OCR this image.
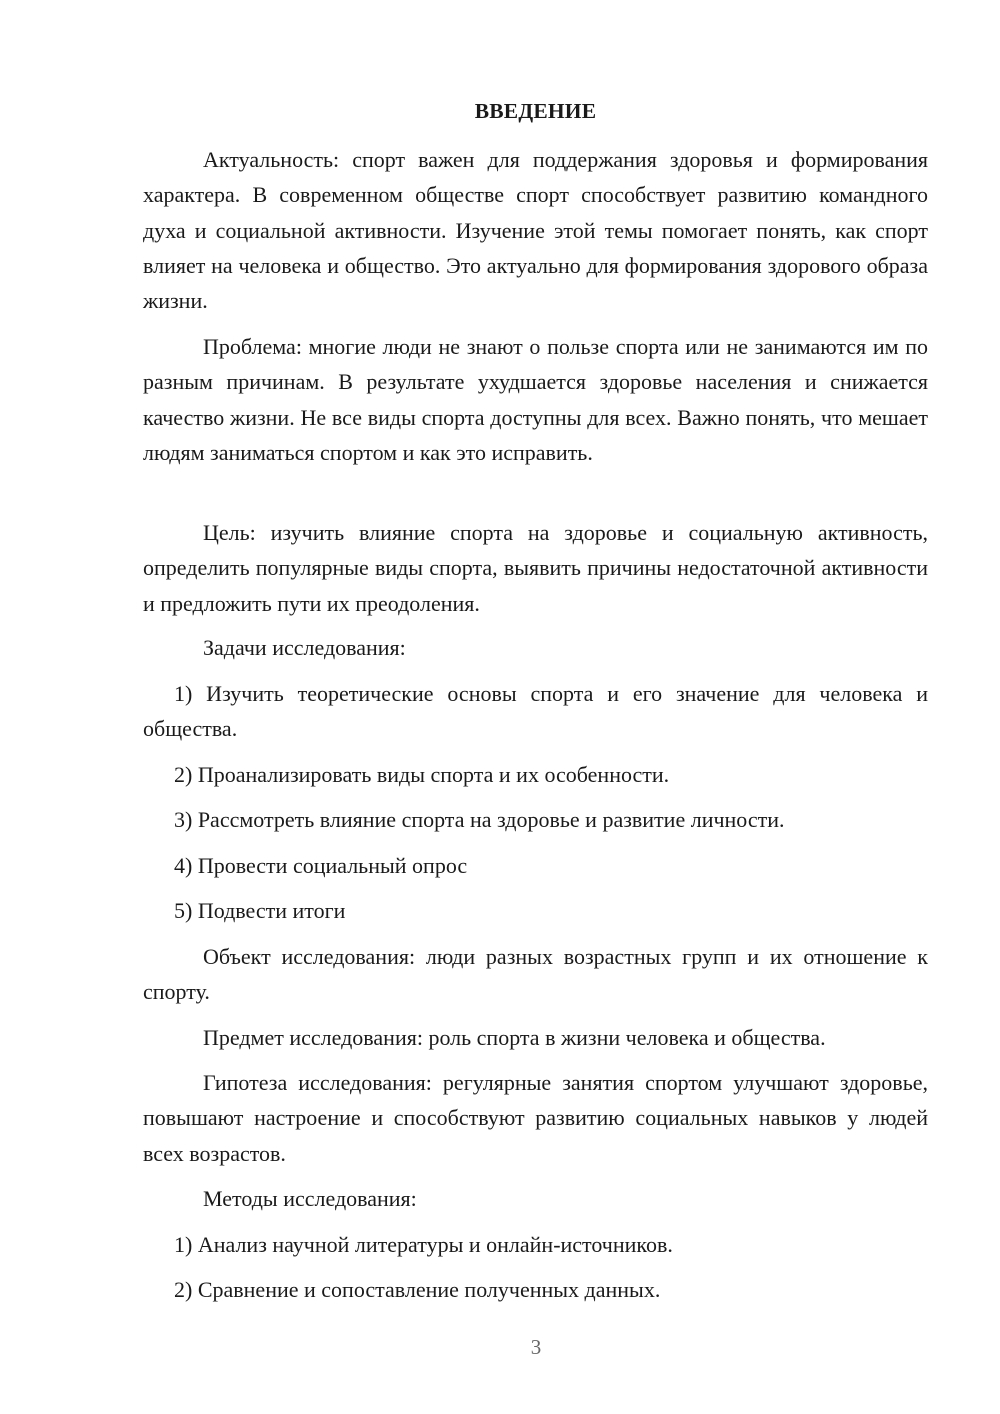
ВВЕДЕНИЕ

Актуальность: спорт важен для поддержания здоровья и формирования характера. В современном обществе спорт способствует развитию командного духа и социальной активности. Изучение этой темы помогает понять, как спорт влияет на человека и общество. Это актуально для формирования здорового образа жизни.

Проблема: многие люди не знают о пользе спорта или не занимаются им по разным причинам. В результате ухудшается здоровье населения и снижается качество жизни. Не все виды спорта доступны для всех. Важно понять, что мешает людям заниматься спортом и как это исправить.

Цель: изучить влияние спорта на здоровье и социальную активность, определить популярные виды спорта, выявить причины недостаточной активности и предложить пути их преодоления.

Задачи исследования:

1) Изучить теоретические основы спорта и его значение для человека и общества.

2) Проанализировать виды спорта и их особенности.

3) Рассмотреть влияние спорта на здоровье и развитие личности.

4) Провести социальный опрос

5) Подвести итоги

Объект исследования: люди разных возрастных групп и их отношение к спорту.

Предмет исследования: роль спорта в жизни человека и общества.

Гипотеза исследования: регулярные занятия спортом улучшают здоровье, повышают настроение и способствуют развитию социальных навыков у людей всех возрастов.

Методы исследования:

1) Анализ научной литературы и онлайн-источников.

2) Сравнение и сопоставление полученных данных.

3
